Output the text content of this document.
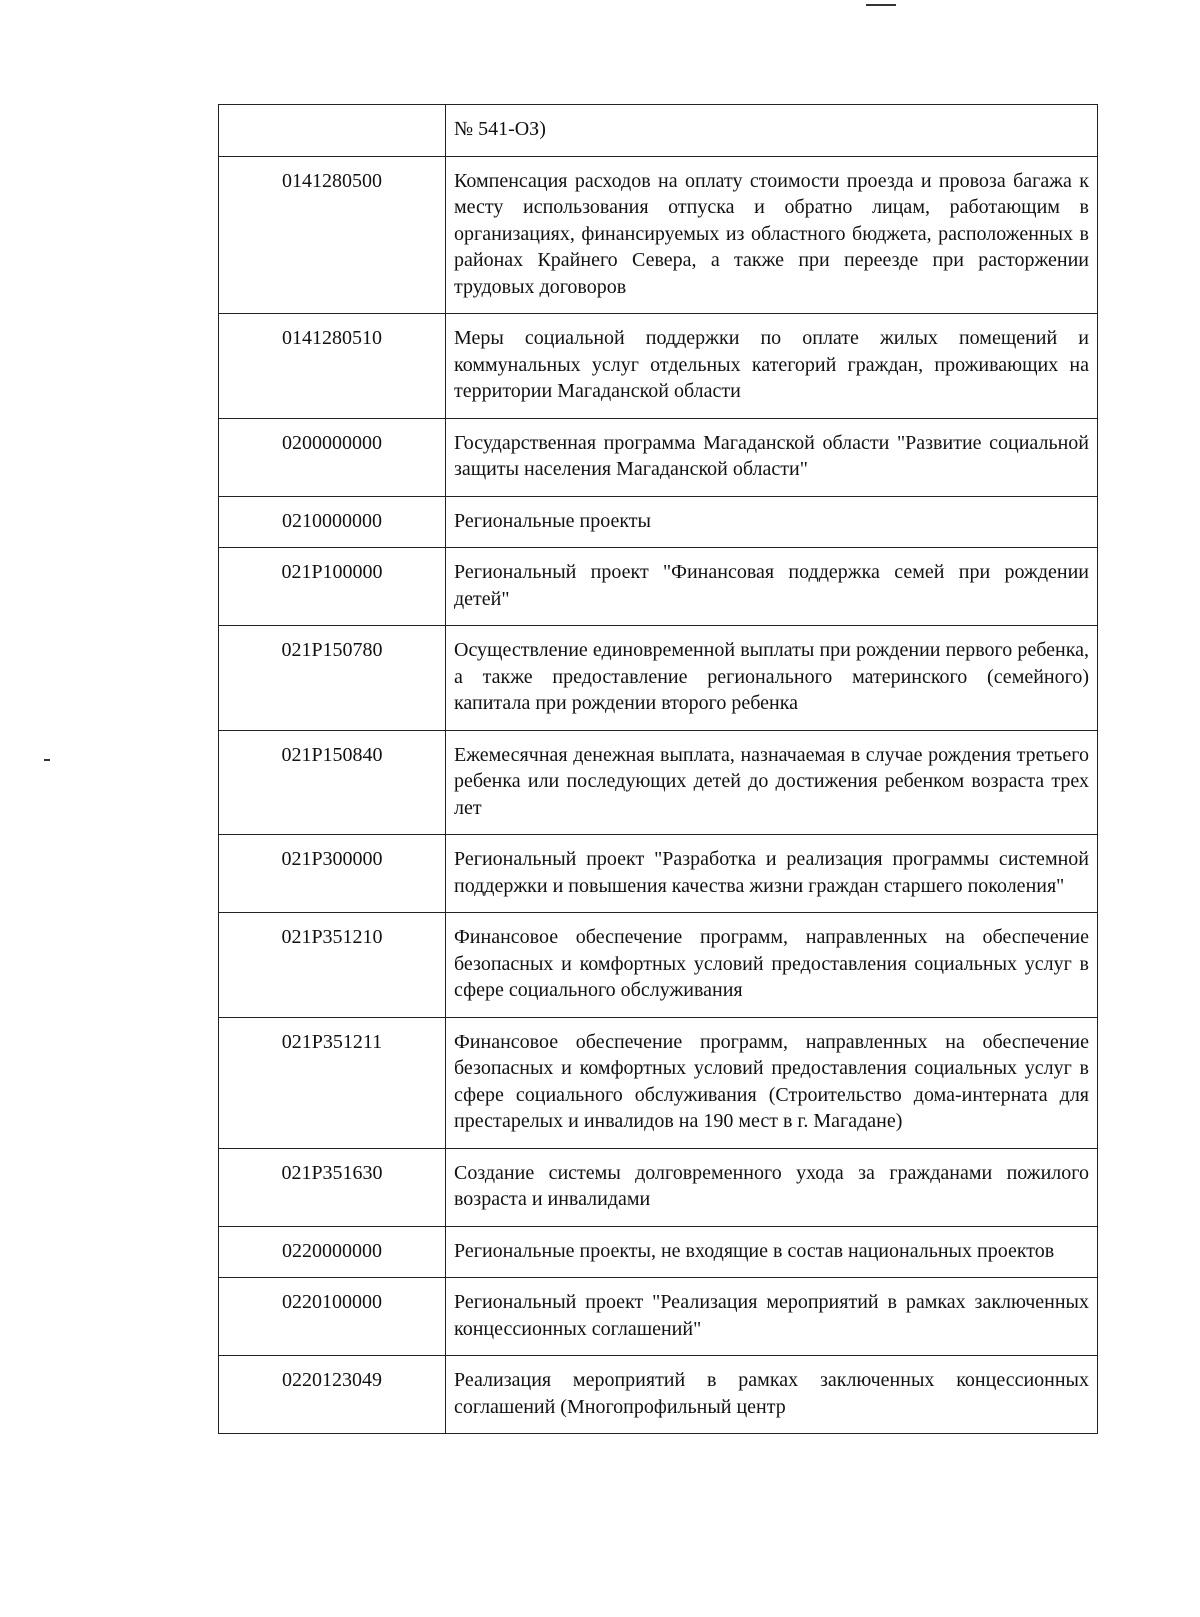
	№ 541-ОЗ)
0141280500	Компенсация расходов на оплату стоимости проезда и провоза багажа к месту использования отпуска и обратно лицам, работающим в организациях, финансируемых из областного бюджета, расположенных в районах Крайнего Севера, а также при переезде при расторжении трудовых договоров
0141280510	Меры социальной поддержки по оплате жилых помещений и коммунальных услуг отдельных категорий граждан, проживающих на территории Магаданской области
0200000000	Государственная программа Магаданской области "Развитие социальной защиты населения Магаданской области"
0210000000	Региональные проекты
021P100000	Региональный проект "Финансовая поддержка семей при рождении детей"
021P150780	Осуществление единовременной выплаты при рождении первого ребенка, а также предоставление регионального материнского (семейного) капитала при рождении второго ребенка
021P150840	Ежемесячная денежная выплата, назначаемая в случае рождения третьего ребенка или последующих детей до достижения ребенком возраста трех лет
021P300000	Региональный проект "Разработка и реализация программы системной поддержки и повышения качества жизни граждан старшего поколения"
021P351210	Финансовое обеспечение программ, направленных на обеспечение безопасных и комфортных условий предоставления социальных услуг в сфере социального обслуживания
021P351211	Финансовое обеспечение программ, направленных на обеспечение безопасных и комфортных условий предоставления социальных услуг в сфере социального обслуживания (Строительство дома-интерната для престарелых и инвалидов на 190 мест в г. Магадане)
021P351630	Создание системы долговременного ухода за гражданами пожилого возраста и инвалидами
0220000000	Региональные проекты, не входящие в состав национальных проектов
0220100000	Региональный проект "Реализация мероприятий в рамках заключенных концессионных соглашений"
0220123049	Реализация мероприятий в рамках заключенных концессионных соглашений (Многопрофильный центр
